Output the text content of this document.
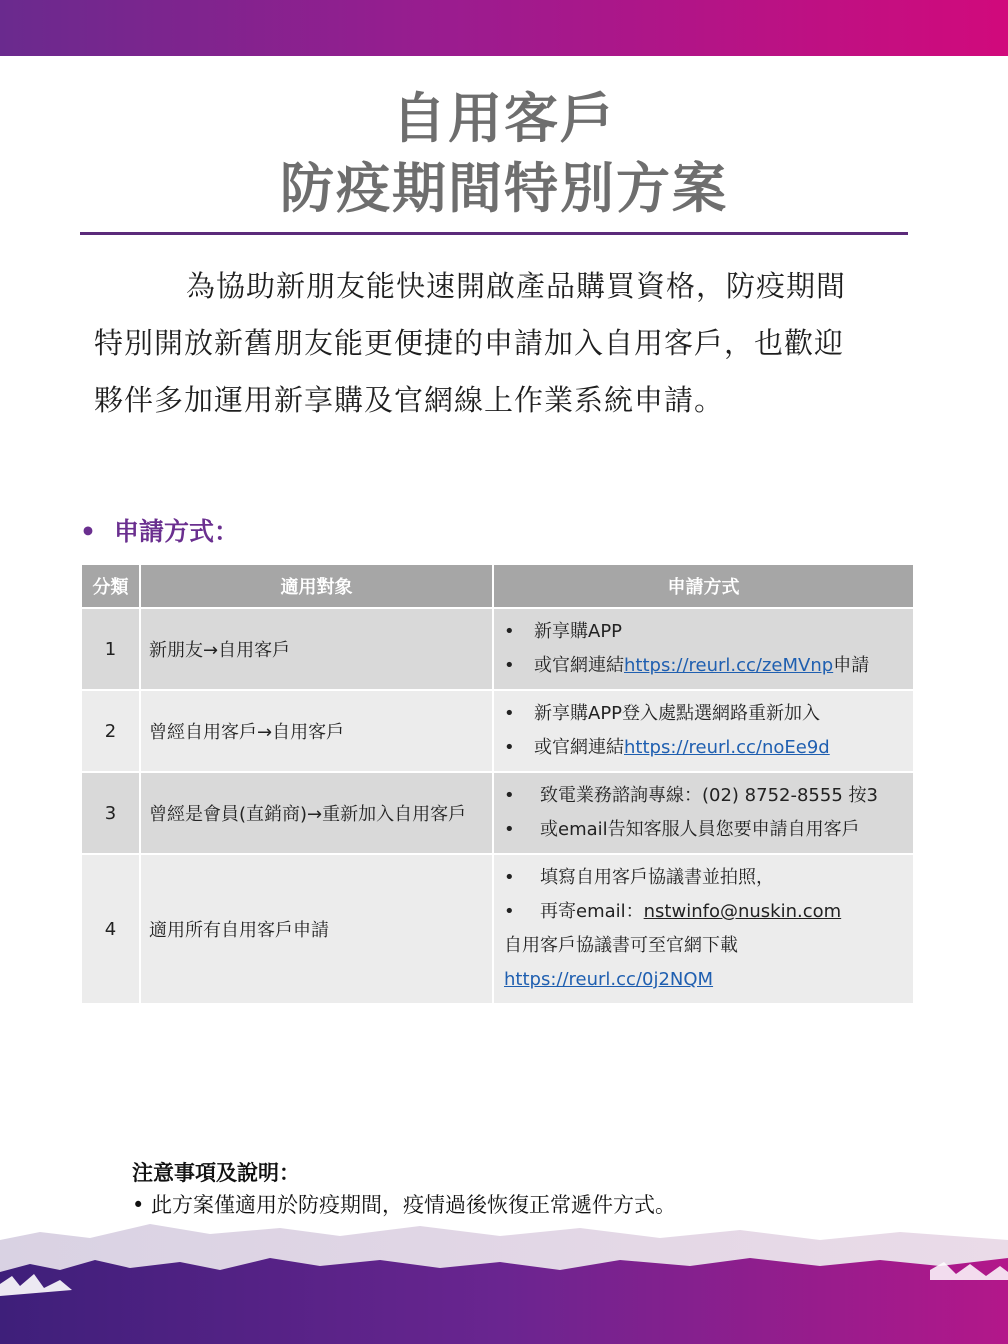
自用客戶
防疫期間特別方案
為協助新朋友能快速開啟產品購買資格，防疫期間
特別開放新舊朋友能更便捷的申請加入自用客戶，也歡迎
夥伴多加運用新享購及官網線上作業系統申請。
• 申請方式：
分類	適用對象	申請方式
1	新朋友→自用客戶	• 新享購APP
• 或官網連結https://reurl.cc/zeMVnp申請

2	曾經自用客戶→自用客戶	• 新享購APP登入處點選網路重新加入
• 或官網連結https://reurl.cc/noEe9d

3	曾經是會員(直銷商)→重新加入自用客戶	• 致電業務諮詢專線：(02) 8752-8555 按3
• 或email告知客服人員您要申請自用客戶

4	適用所有自用客戶申請	• 填寫自用客戶協議書並拍照，
• 再寄email：nstwinfo@nuskin.com
自用客戶協議書可至官網下載
https://reurl.cc/0j2NQM
注意事項及說明：
• 此方案僅適用於防疫期間，疫情過後恢復正常遞件方式。
